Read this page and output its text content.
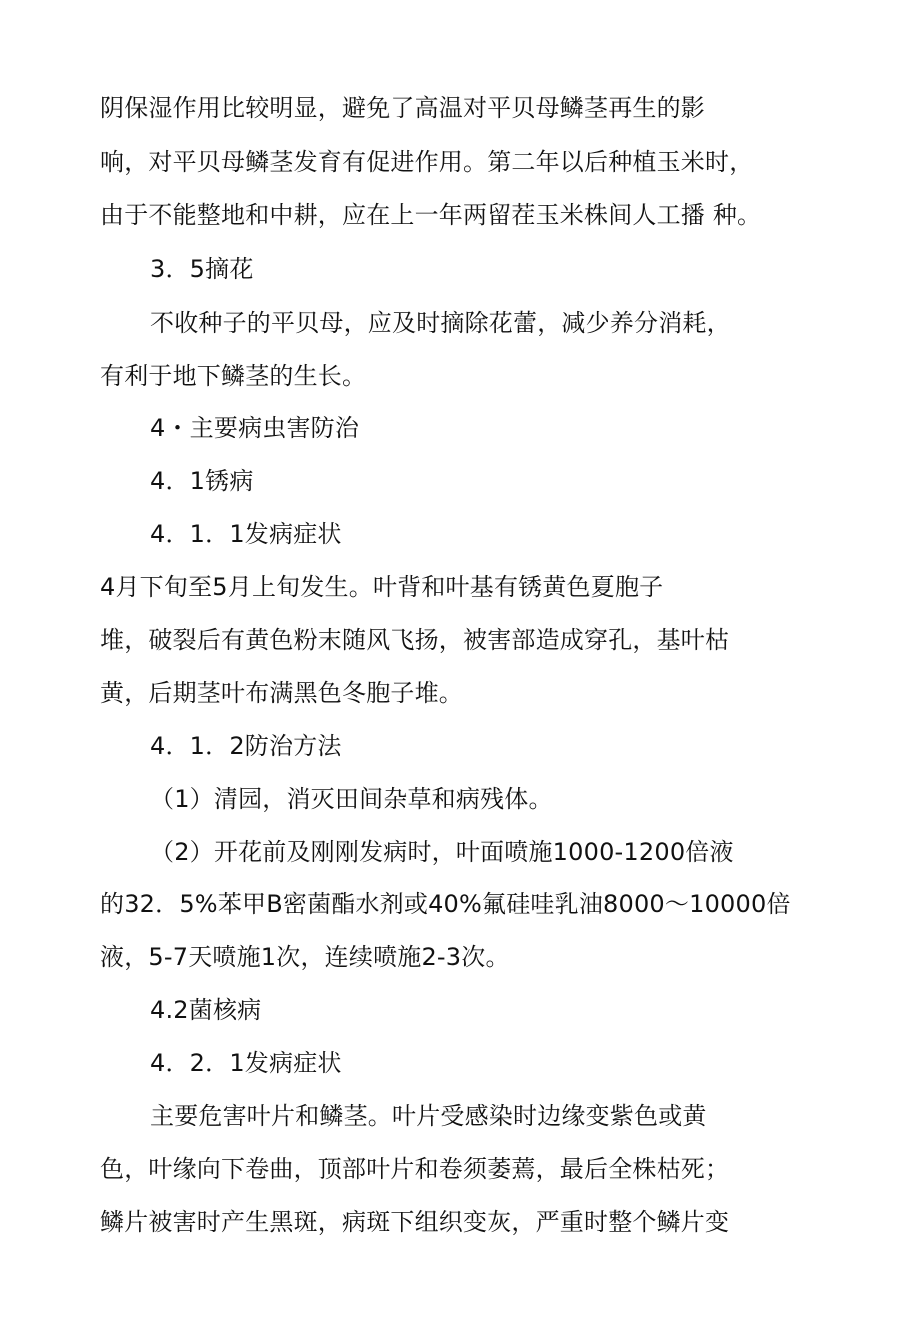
阴保湿作用比较明显，避免了高温对平贝母鳞茎再生的影
响，对平贝母鳞茎发育有促进作用。第二年以后种植玉米时，
由于不能整地和中耕，应在上一年两留茬玉米株间人工播 种。
3．5摘花
不收种子的平贝母，应及时摘除花蕾，减少养分消耗，
有利于地下鳞茎的生长。
4・主要病虫害防治
4．1锈病
4．1．1发病症状
4月下旬至5月上旬发生。叶背和叶基有锈黄色夏胞子
堆，破裂后有黄色粉末随风飞扬，被害部造成穿孔，基叶枯
黄，后期茎叶布满黑色冬胞子堆。
4．1．2防治方法
（1）清园，消灭田间杂草和病残体。
（2）开花前及刚刚发病时，叶面喷施1000-1200倍液
的32．5%苯甲B密菌酯水剂或40%氟硅哇乳油8000～10000倍
液，5-7天喷施1次，连续喷施2-3次。
4.2菌核病
4．2．1发病症状
主要危害叶片和鳞茎。叶片受感染时边缘变紫色或黄
色，叶缘向下卷曲，顶部叶片和卷须萎蔫，最后全株枯死；
鳞片被害时产生黑斑，病斑下组织变灰，严重时整个鳞片变
